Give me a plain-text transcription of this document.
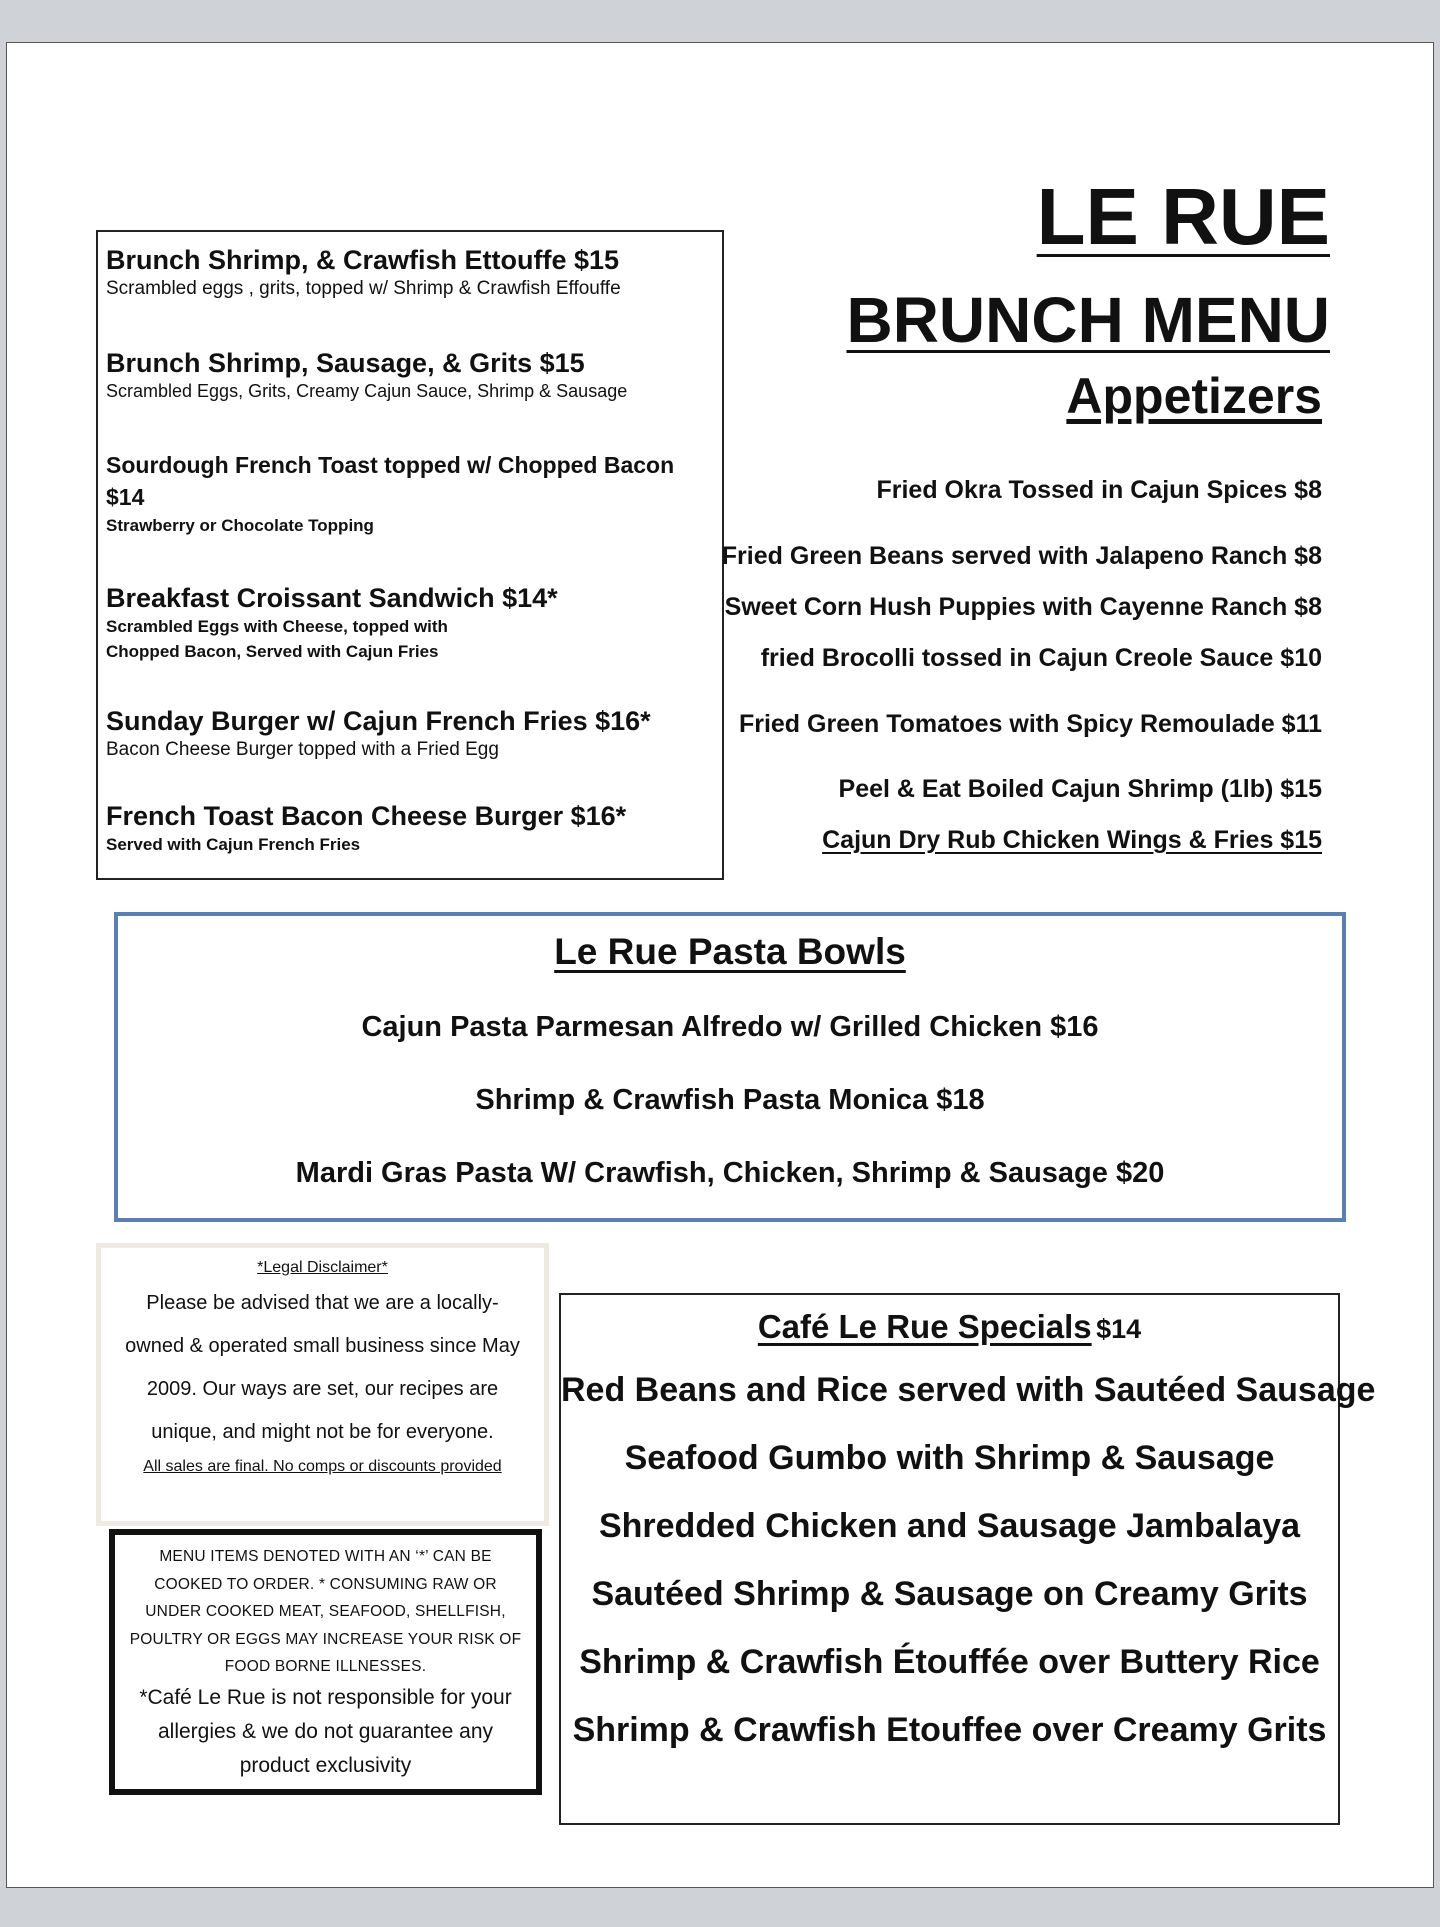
Brunch Shrimp, & Crawfish Ettouffe $15
Scrambled eggs , grits, topped w/ Shrimp & Crawfish Effouffe
Brunch Shrimp, Sausage, & Grits $15
Scrambled Eggs, Grits, Creamy Cajun Sauce, Shrimp & Sausage
Sourdough French Toast topped w/ Chopped Bacon $14
Strawberry or Chocolate Topping
Breakfast Croissant Sandwich $14*
Scrambled Eggs with Cheese, topped with
Chopped Bacon, Served with Cajun Fries
Sunday Burger w/ Cajun French Fries $16*
Bacon Cheese Burger topped with a Fried Egg
French Toast Bacon Cheese Burger $16*
Served with Cajun French Fries
LE RUE
BRUNCH MENU
Appetizers
Fried Okra Tossed in Cajun Spices $8
Fried Green Beans served with Jalapeno Ranch $8
Sweet Corn Hush Puppies with Cayenne Ranch $8
fried Brocolli tossed in Cajun Creole Sauce $10
Fried Green Tomatoes with Spicy Remoulade $11
Peel & Eat Boiled Cajun Shrimp (1lb) $15
Cajun Dry Rub Chicken Wings & Fries $15
Le Rue Pasta Bowls
Cajun Pasta Parmesan Alfredo w/ Grilled Chicken $16
Shrimp & Crawfish Pasta Monica $18
Mardi Gras Pasta W/ Crawfish, Chicken, Shrimp & Sausage $20
*Legal Disclaimer*
Please be advised that we are a locally-
owned & operated small business since May
2009. Our ways are set, our recipes are
unique, and might not be for everyone.
All sales are final. No comps or discounts provided
MENU ITEMS DENOTED WITH AN ‘*’ CAN BE
COOKED TO ORDER. * CONSUMING RAW OR
UNDER COOKED MEAT, SEAFOOD, SHELLFISH,
POULTRY OR EGGS MAY INCREASE YOUR RISK OF
FOOD BORNE ILLNESSES.
*Café Le Rue is not responsible for your
allergies & we do not guarantee any
product exclusivity
Café Le Rue Specials $14
Red Beans and Rice served with Sautéed Sausage
Seafood Gumbo with Shrimp & Sausage
Shredded Chicken and Sausage Jambalaya
Sautéed Shrimp & Sausage on Creamy Grits
Shrimp & Crawfish Étouffée over Buttery Rice
Shrimp & Crawfish Etouffee over Creamy Grits
